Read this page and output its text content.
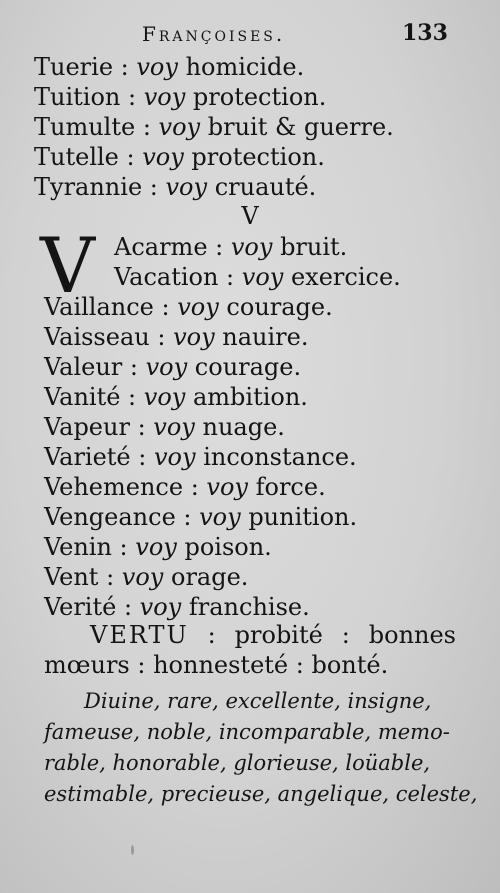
Françoises.	133
Tuerie : voy homicide.
Tuition : voy protection.
Tumulte : voy bruit & guerre.
Tutelle : voy protection.
Tyrannie : voy cruauté.
V
V Acarme : voy bruit.
Vacation : voy exercice.
Vaillance : voy courage.
Vaisseau : voy nauire.
Valeur : voy courage.
Vanité : voy ambition.
Vapeur : voy nuage.
Varieté : voy inconstance.
Vehemence : voy force.
Vengeance : voy punition.
Venin : voy poison.
Vent : voy orage.
Verité : voy franchise.
VERTU : probité : bonnes
mœurs : honnesteté : bonté.
Diuine, rare, excellente, insigne,
fameuse, noble, incomparable, memo-
rable, honorable, glorieuse, loüable,
estimable, precieuse, angelique, celeste,
